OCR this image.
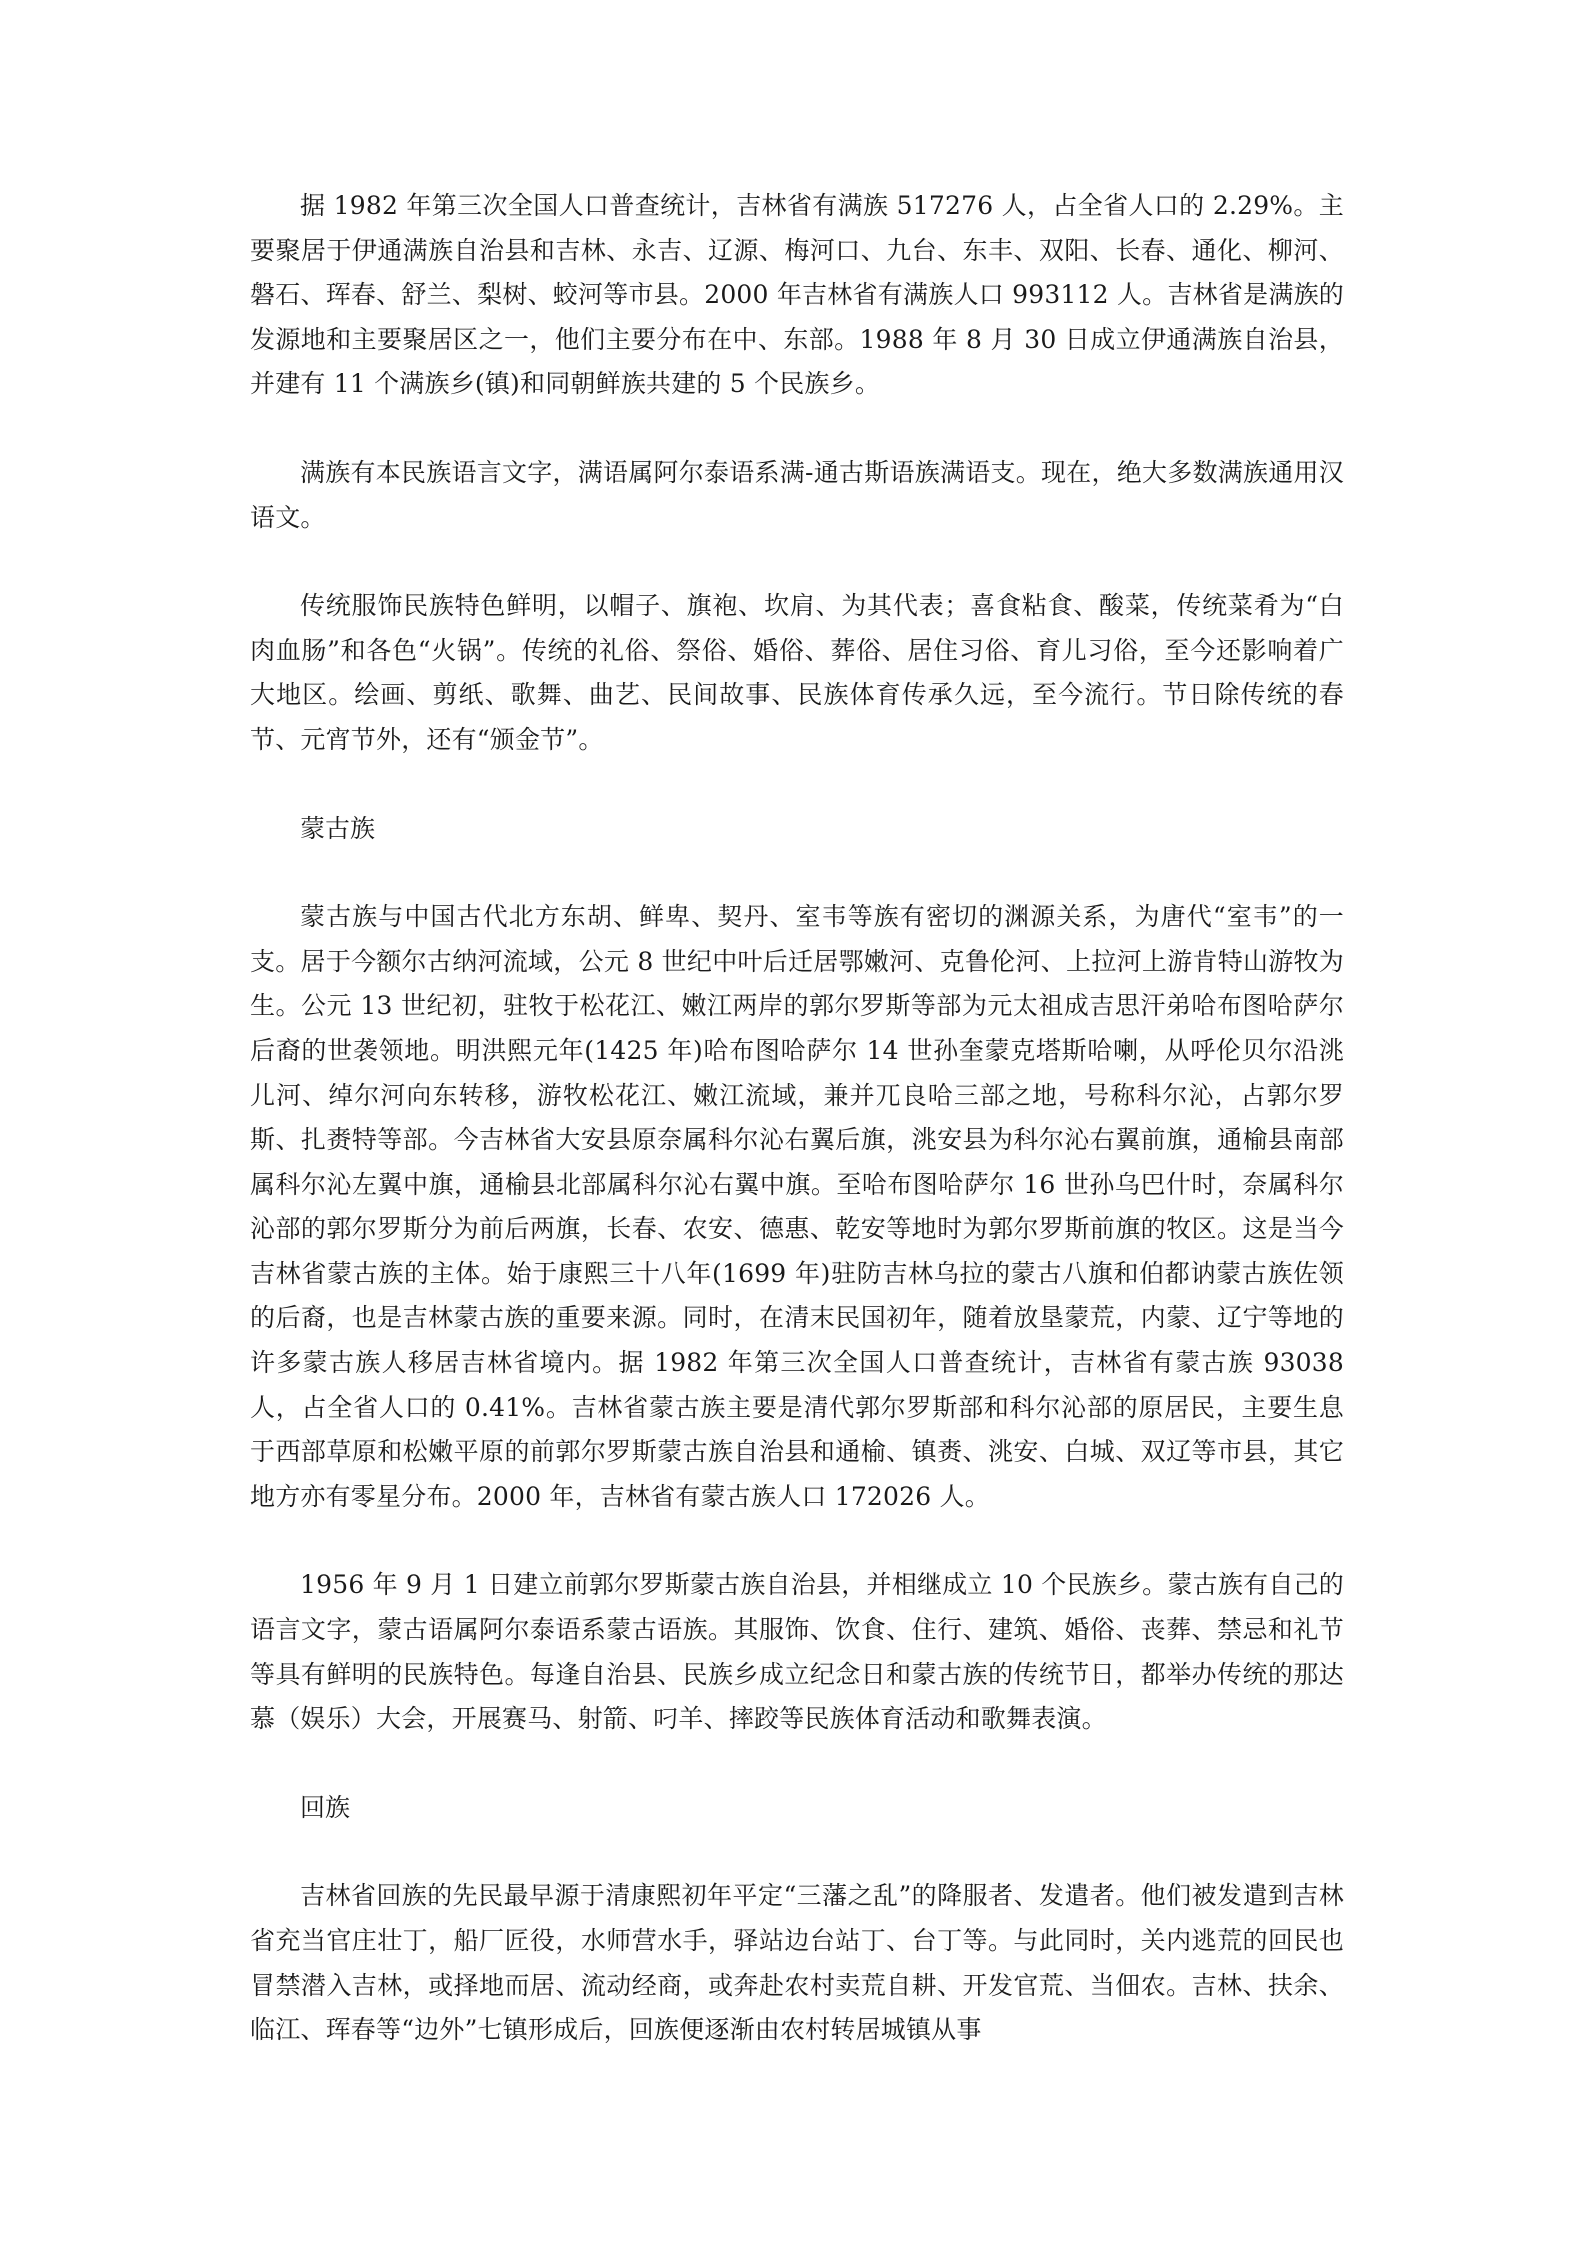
据 1982 年第三次全国人口普查统计，吉林省有满族 517276 人，占全省人口的 2.29%。主要聚居于伊通满族自治县和吉林、永吉、辽源、梅河口、九台、东丰、双阳、长春、通化、柳河、磐石、珲春、舒兰、梨树、蛟河等市县。2000 年吉林省有满族人口 993112 人。吉林省是满族的发源地和主要聚居区之一，他们主要分布在中、东部。1988 年 8 月 30 日成立伊通满族自治县，并建有 11 个满族乡(镇)和同朝鲜族共建的 5 个民族乡。

满族有本民族语言文字，满语属阿尔泰语系满-通古斯语族满语支。现在，绝大多数满族通用汉语文。

传统服饰民族特色鲜明，以帽子、旗袍、坎肩、为其代表；喜食粘食、酸菜，传统菜肴为“白肉血肠”和各色“火锅”。传统的礼俗、祭俗、婚俗、葬俗、居住习俗、育儿习俗，至今还影响着广大地区。绘画、剪纸、歌舞、曲艺、民间故事、民族体育传承久远，至今流行。节日除传统的春节、元宵节外，还有“颁金节”。

蒙古族

蒙古族与中国古代北方东胡、鲜卑、契丹、室韦等族有密切的渊源关系，为唐代“室韦”的一支。居于今额尔古纳河流域，公元 8 世纪中叶后迁居鄂嫩河、克鲁伦河、上拉河上游肯特山游牧为生。公元 13 世纪初，驻牧于松花江、嫩江两岸的郭尔罗斯等部为元太祖成吉思汗弟哈布图哈萨尔后裔的世袭领地。明洪熙元年(1425 年)哈布图哈萨尔 14 世孙奎蒙克塔斯哈喇，从呼伦贝尔沿洮儿河、绰尔河向东转移，游牧松花江、嫩江流域，兼并兀良哈三部之地，号称科尔沁，占郭尔罗斯、扎赉特等部。今吉林省大安县原奈属科尔沁右翼后旗，洮安县为科尔沁右翼前旗，通榆县南部属科尔沁左翼中旗，通榆县北部属科尔沁右翼中旗。至哈布图哈萨尔 16 世孙乌巴什时，奈属科尔沁部的郭尔罗斯分为前后两旗，长春、农安、德惠、乾安等地时为郭尔罗斯前旗的牧区。这是当今吉林省蒙古族的主体。始于康熙三十八年(1699 年)驻防吉林乌拉的蒙古八旗和伯都讷蒙古族佐领的后裔，也是吉林蒙古族的重要来源。同时，在清末民国初年，随着放垦蒙荒，内蒙、辽宁等地的许多蒙古族人移居吉林省境内。据 1982 年第三次全国人口普查统计，吉林省有蒙古族 93038 人，占全省人口的 0.41%。吉林省蒙古族主要是清代郭尔罗斯部和科尔沁部的原居民，主要生息于西部草原和松嫩平原的前郭尔罗斯蒙古族自治县和通榆、镇赉、洮安、白城、双辽等市县，其它地方亦有零星分布。2000 年，吉林省有蒙古族人口 172026 人。

1956 年 9 月 1 日建立前郭尔罗斯蒙古族自治县，并相继成立 10 个民族乡。蒙古族有自己的语言文字，蒙古语属阿尔泰语系蒙古语族。其服饰、饮食、住行、建筑、婚俗、丧葬、禁忌和礼节等具有鲜明的民族特色。每逢自治县、民族乡成立纪念日和蒙古族的传统节日，都举办传统的那达慕（娱乐）大会，开展赛马、射箭、叼羊、摔跤等民族体育活动和歌舞表演。

回族

吉林省回族的先民最早源于清康熙初年平定“三藩之乱”的降服者、发遣者。他们被发遣到吉林省充当官庄壮丁，船厂匠役，水师营水手，驿站边台站丁、台丁等。与此同时，关内逃荒的回民也冒禁潜入吉林，或择地而居、流动经商，或奔赴农村卖荒自耕、开发官荒、当佃农。吉林、扶余、临江、珲春等“边外”七镇形成后，回族便逐渐由农村转居城镇从事
